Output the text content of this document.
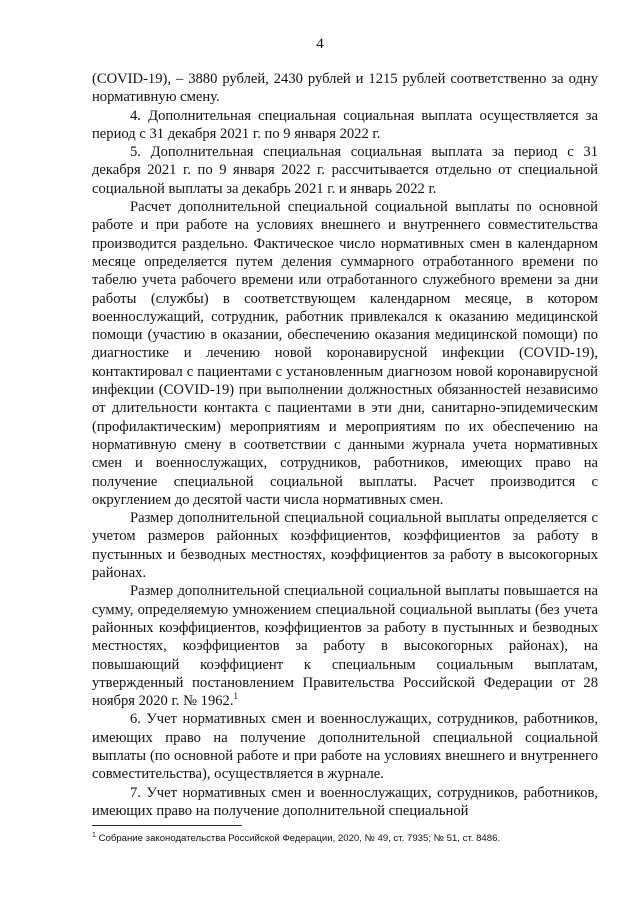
4

(COVID-19), – 3880 рублей, 2430 рублей и 1215 рублей соответственно за одну нормативную смену.

4. Дополнительная специальная социальная выплата осуществляется за период с 31 декабря 2021 г. по 9 января 2022 г.

5. Дополнительная специальная социальная выплата за период с 31 декабря 2021 г. по 9 января 2022 г. рассчитывается отдельно от специальной социальной выплаты за декабрь 2021 г. и январь 2022 г.

Расчет дополнительной специальной социальной выплаты по основной работе и при работе на условиях внешнего и внутреннего совместительства производится раздельно. Фактическое число нормативных смен в календарном месяце определяется путем деления суммарного отработанного времени по табелю учета рабочего времени или отработанного служебного времени за дни работы (службы) в соответствующем календарном месяце, в котором военнослужащий, сотрудник, работник привлекался к оказанию медицинской помощи (участию в оказании, обеспечению оказания медицинской помощи) по диагностике и лечению новой коронавирусной инфекции (COVID-19), контактировал с пациентами с установленным диагнозом новой коронавирусной инфекции (COVID-19) при выполнении должностных обязанностей независимо от длительности контакта с пациентами в эти дни, санитарно-эпидемическим (профилактическим) мероприятиям и мероприятиям по их обеспечению на нормативную смену в соответствии с данными журнала учета нормативных смен и военнослужащих, сотрудников, работников, имеющих право на получение специальной социальной выплаты. Расчет производится с округлением до десятой части числа нормативных смен.

Размер дополнительной специальной социальной выплаты определяется с учетом размеров районных коэффициентов, коэффициентов за работу в пустынных и безводных местностях, коэффициентов за работу в высокогорных районах.

Размер дополнительной специальной социальной выплаты повышается на сумму, определяемую умножением специальной социальной выплаты (без учета районных коэффициентов, коэффициентов за работу в пустынных и безводных местностях, коэффициентов за работу в высокогорных районах), на повышающий коэффициент к специальным социальным выплатам, утвержденный постановлением Правительства Российской Федерации от 28 ноября 2020 г. № 1962.$^1$

6. Учет нормативных смен и военнослужащих, сотрудников, работников, имеющих право на получение дополнительной специальной социальной выплаты (по основной работе и при работе на условиях внешнего и внутреннего совместительства), осуществляется в журнале.

7. Учет нормативных смен и военнослужащих, сотрудников, работников, имеющих право на получение дополнительной специальной

$^1$ Собрание законодательства Российской Федерации, 2020, № 49, ст. 7935; № 51, ст. 8486.
